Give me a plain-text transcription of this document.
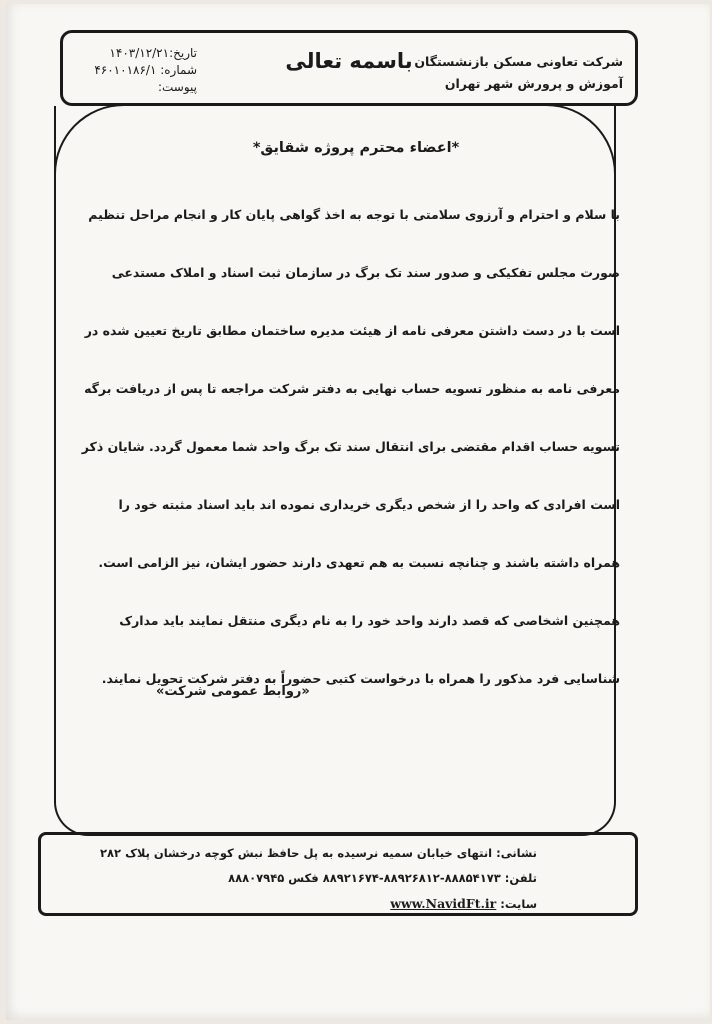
شرکت تعاونی مسکن بازنشستگان
آموزش و پرورش شهر تهران
باسمه تعالی
تاریخ:۱۴۰۳/۱۲/۲۱
شماره: ۴۶۰۱۰۱۸۶/۱
پیوست:
*اعضاء محترم پروژه شقایق*
با سلام و احترام و آرزوی سلامتی با توجه به اخذ گواهی پایان کار و انجام مراحل تنظیم
صورت مجلس تفکیکی و صدور سند تک برگ در سازمان ثبت اسناد و املاک مستدعی
است با در دست داشتن معرفی نامه از هیئت مدیره ساختمان مطابق تاریخ تعیین شده در
معرفی نامه به منظور تسویه حساب نهایی به دفتر شرکت مراجعه تا پس از دریافت برگه
تسویه حساب اقدام مقتضی برای انتقال سند تک برگ واحد شما معمول گردد. شایان ذکر
است افرادی که واحد را از شخص دیگری خریداری نموده اند باید اسناد مثبته خود را
همراه داشته باشند و چنانچه نسبت به هم تعهدی دارند حضور ایشان، نیز الزامی است.
همچنین اشخاصی که قصد دارند واحد خود را به نام دیگری منتقل نمایند باید مدارک
شناسایی فرد مذکور را همراه با درخواست کتبی حضوراً به دفتر شرکت تحویل نمایند.
«روابط عمومی شرکت»
نشانی: انتهای خیابان سمیه نرسیده به پل حافظ نبش کوچه درخشان پلاک ۲۸۲
تلفن: ۸۸۸۵۴۱۷۳-۸۸۹۲۶۸۱۲-۸۸۹۲۱۶۷۴ فکس ۸۸۸۰۷۹۴۵
سایت: www.NavidFt.ir
